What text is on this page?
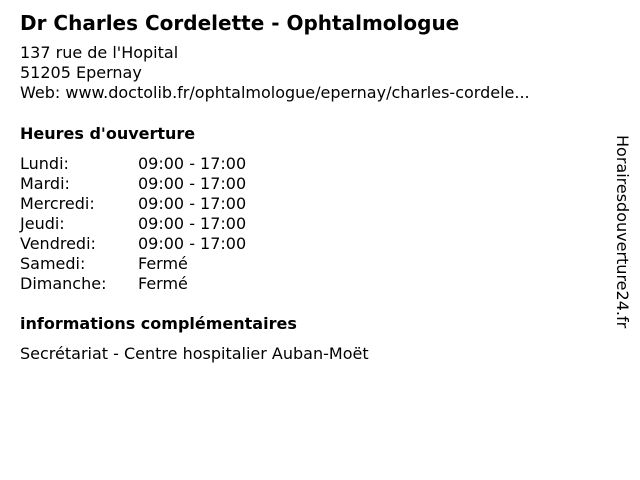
Dr Charles Cordelette - Ophtalmologue
137 rue de l'Hopital
51205 Epernay
Web: www.doctolib.fr/ophtalmologue/epernay/charles-cordele...
Heures d'ouverture
Lundi:	09:00 - 17:00
Mardi:	09:00 - 17:00
Mercredi:	09:00 - 17:00
Jeudi:	09:00 - 17:00
Vendredi:	09:00 - 17:00
Samedi:	Fermé
Dimanche:	Fermé
informations complémentaires
Secrétariat - Centre hospitalier Auban-Moët
Horairesdouverture24.fr
